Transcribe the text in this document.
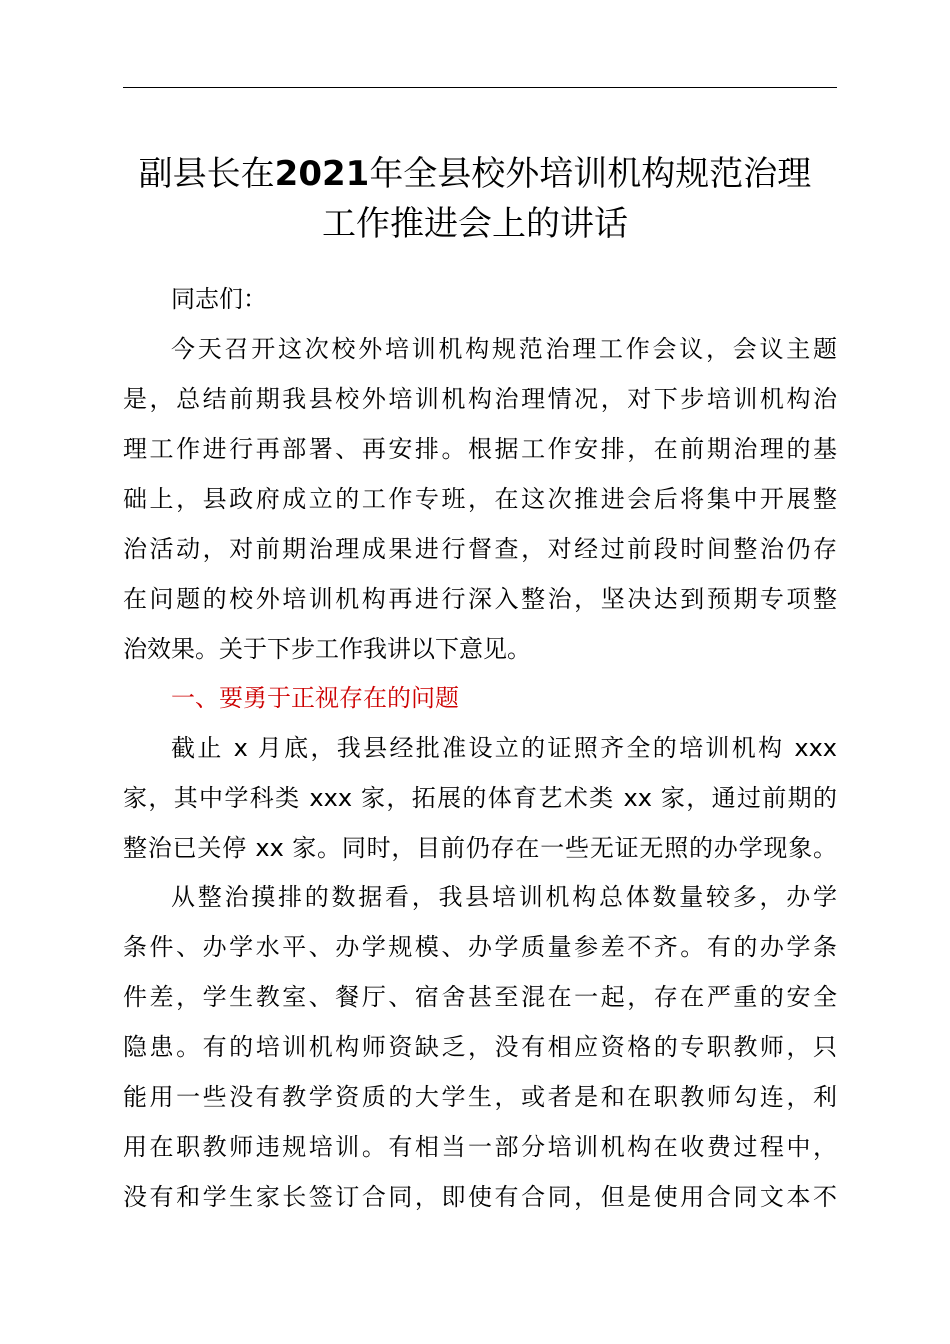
副县长在2021年全县校外培训机构规范治理
工作推进会上的讲话
同志们：
今天召开这次校外培训机构规范治理工作会议，会议主题
是，总结前期我县校外培训机构治理情况，对下步培训机构治
理工作进行再部署、再安排。根据工作安排，在前期治理的基
础上，县政府成立的工作专班，在这次推进会后将集中开展整
治活动，对前期治理成果进行督查，对经过前段时间整治仍存
在问题的校外培训机构再进行深入整治，坚决达到预期专项整
治效果。关于下步工作我讲以下意见。
一、要勇于正视存在的问题
截止 x 月底，我县经批准设立的证照齐全的培训机构 xxx
家，其中学科类 xxx 家，拓展的体育艺术类 xx 家，通过前期的
整治已关停 xx 家。同时，目前仍存在一些无证无照的办学现象。
从整治摸排的数据看，我县培训机构总体数量较多，办学
条件、办学水平、办学规模、办学质量参差不齐。有的办学条
件差，学生教室、餐厅、宿舍甚至混在一起，存在严重的安全
隐患。有的培训机构师资缺乏，没有相应资格的专职教师，只
能用一些没有教学资质的大学生，或者是和在职教师勾连，利
用在职教师违规培训。有相当一部分培训机构在收费过程中，
没有和学生家长签订合同，即使有合同，但是使用合同文本不
